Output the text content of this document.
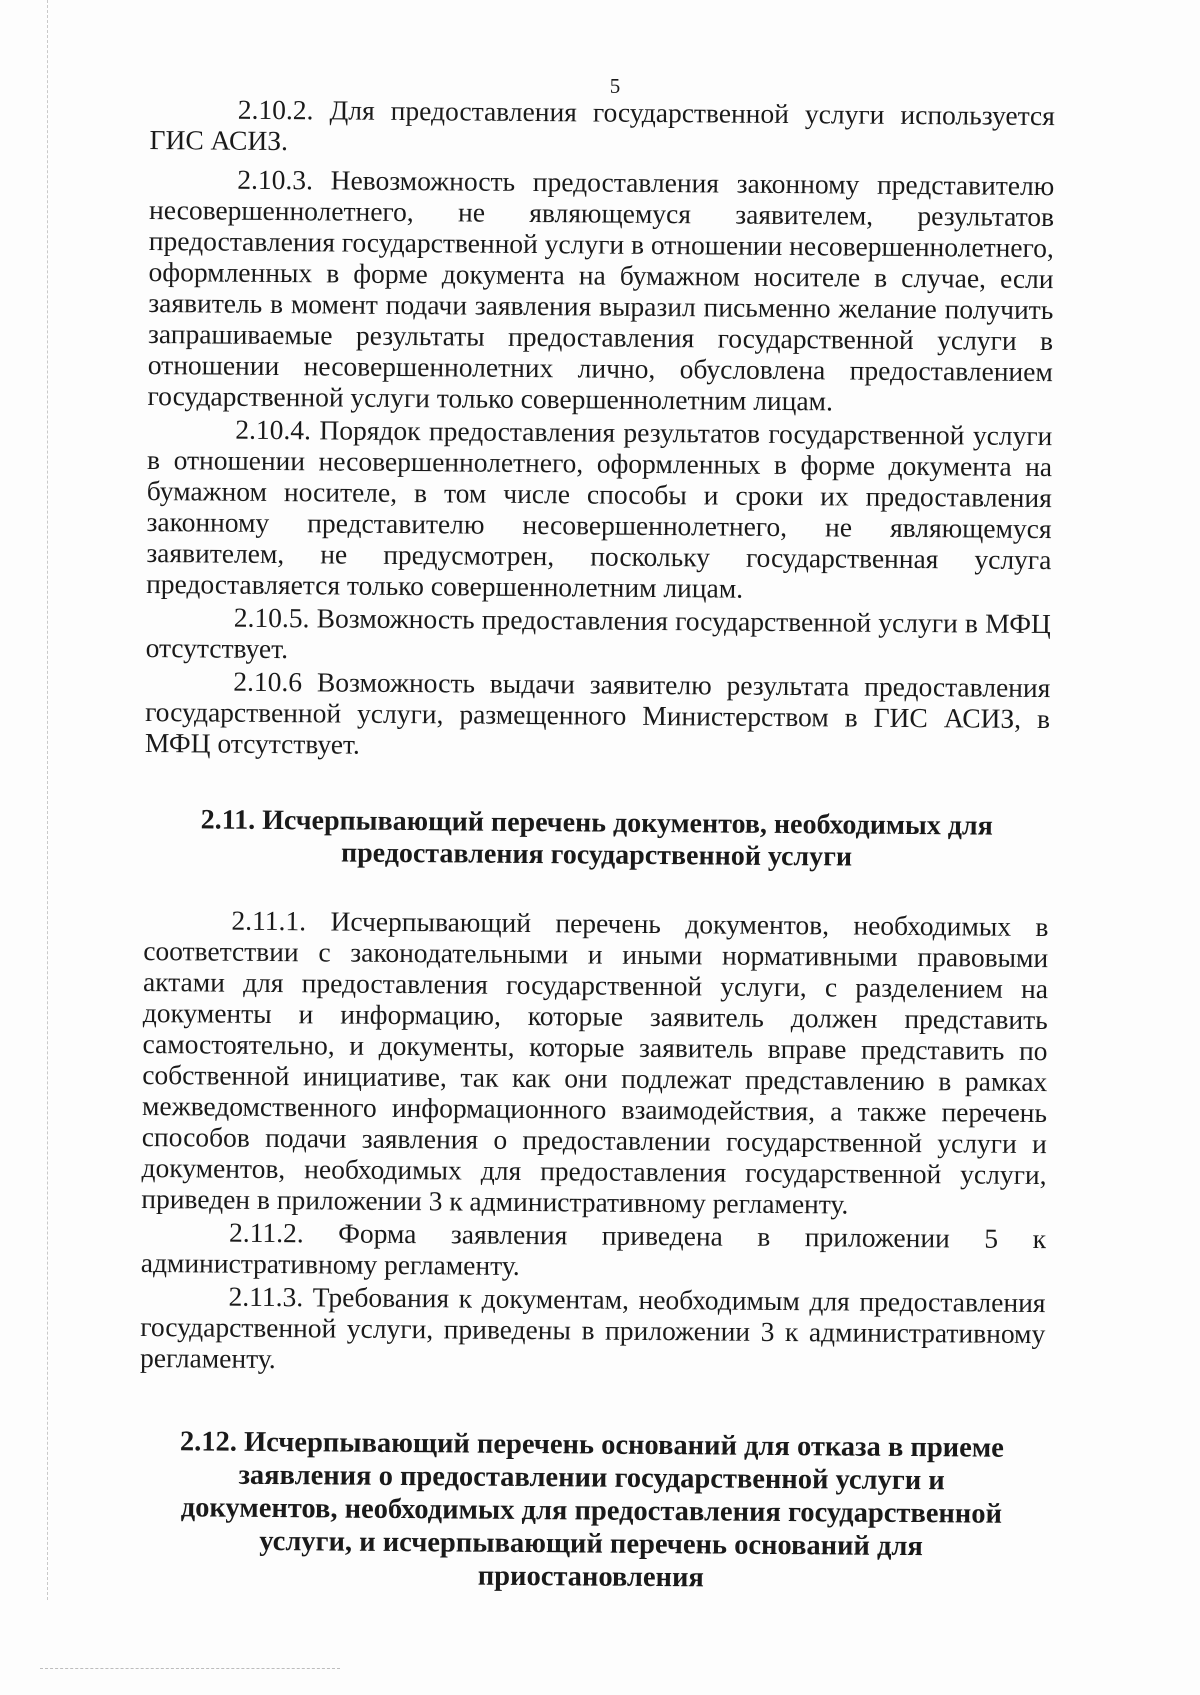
5

2.10.2. Для предоставления государственной услуги используется ГИС АСИЗ.

2.10.3. Невозможность предоставления законному представителю несовершеннолетнего, не являющемуся заявителем, результатов предоставления государственной услуги в отношении несовершеннолетнего, оформленных в форме документа на бумажном носителе в случае, если заявитель в момент подачи заявления выразил письменно желание получить запрашиваемые результаты предоставления государственной услуги в отношении несовершеннолетних лично, обусловлена предоставлением государственной услуги только совершеннолетним лицам.

2.10.4. Порядок предоставления результатов государственной услуги в отношении несовершеннолетнего, оформленных в форме документа на бумажном носителе, в том числе способы и сроки их предоставления законному представителю несовершеннолетнего, не являющемуся заявителем, не предусмотрен, поскольку государственная услуга предоставляется только совершеннолетним лицам.

2.10.5. Возможность предоставления государственной услуги в МФЦ отсутствует.

2.10.6 Возможность выдачи заявителю результата предоставления государственной услуги, размещенного Министерством в ГИС АСИЗ, в МФЦ отсутствует.

2.11. Исчерпывающий перечень документов, необходимых для предоставления государственной услуги

2.11.1. Исчерпывающий перечень документов, необходимых в соответствии с законодательными и иными нормативными правовыми актами для предоставления государственной услуги, с разделением на документы и информацию, которые заявитель должен представить самостоятельно, и документы, которые заявитель вправе представить по собственной инициативе, так как они подлежат представлению в рамках межведомственного информационного взаимодействия, а также перечень способов подачи заявления о предоставлении государственной услуги и документов, необходимых для предоставления государственной услуги, приведен в приложении 3 к административному регламенту.

2.11.2. Форма заявления приведена в приложении 5 к административному регламенту.

2.11.3. Требования к документам, необходимым для предоставления государственной услуги, приведены в приложении 3 к административному регламенту.

2.12. Исчерпывающий перечень оснований для отказа в приеме заявления о предоставлении государственной услуги и документов, необходимых для предоставления государственной услуги, и исчерпывающий перечень оснований для приостановления
